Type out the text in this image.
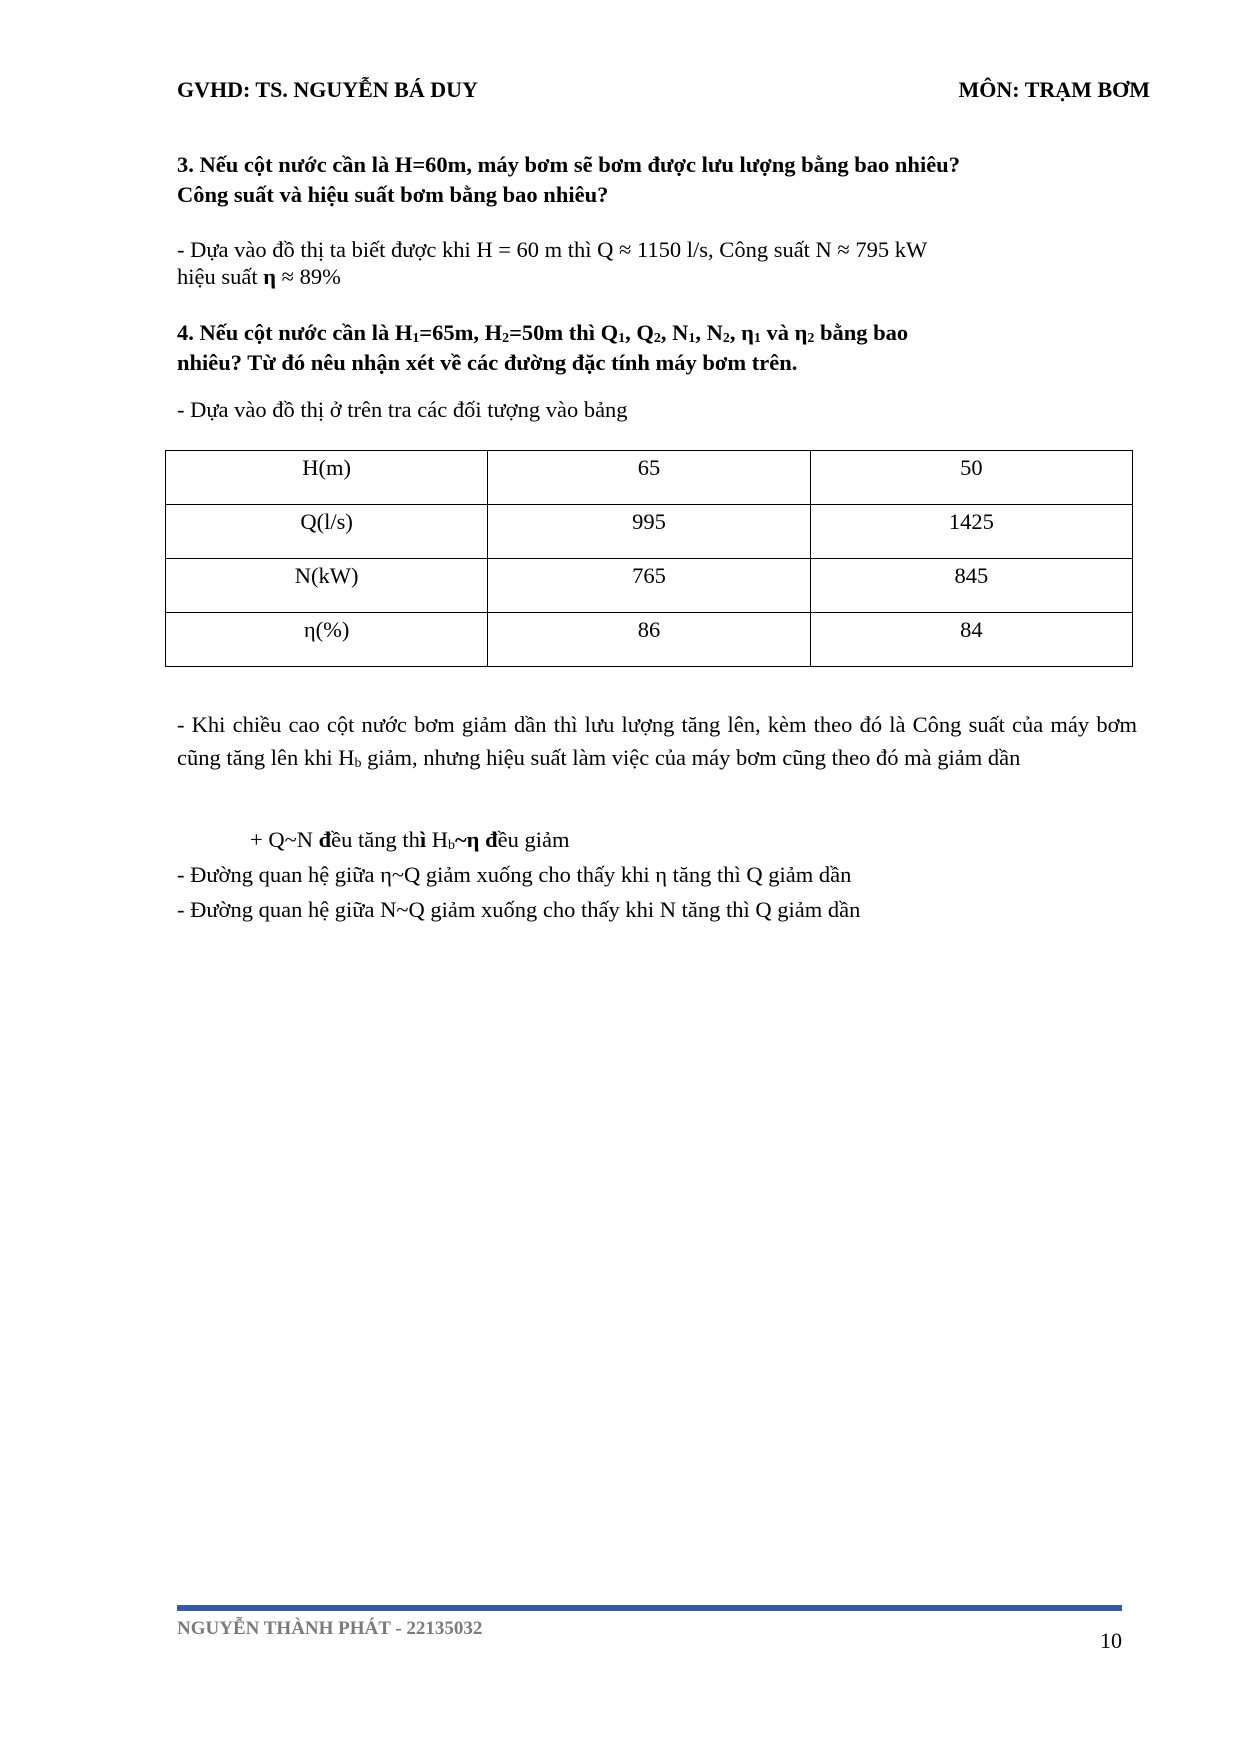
GVHD: TS. NGUYỄN BÁ DUY	MÔN: TRẠM BƠM
3. Nếu cột nước cần là H=60m, máy bơm sẽ bơm được lưu lượng bằng bao nhiêu?
Công suất và hiệu suất bơm bằng bao nhiêu?
- Dựa vào đồ thị ta biết được khi H = 60 m thì Q ≈ 1150 l/s, Công suất N ≈ 795 kW
hiệu suất η ≈ 89%
4. Nếu cột nước cần là $H_1=65m$, $H_2=50m$ thì $Q_1$, $Q_2$, $N_1$, $N_2$, $\eta_1$ và $\eta_2$ bằng bao
nhiêu? Từ đó nêu nhận xét về các đường đặc tính máy bơm trên.
- Dựa vào đồ thị ở trên tra các đối tượng vào bảng
H(m)	65	50
Q(l/s)	995	1425
N(kW)	765	845
η(%)	86	84
- Khi chiều cao cột nước bơm giảm dần thì lưu lượng tăng lên, kèm theo đó là Công suất của máy bơm cũng tăng lên khi $H_b$ giảm, nhưng hiệu suất làm việc của máy bơm cũng theo đó mà giảm dần
+ Q~N đều tăng thì $H_b\sim\eta$ đều giảm
- Đường quan hệ giữa η~Q giảm xuống cho thấy khi η tăng thì Q giảm dần
- Đường quan hệ giữa N~Q giảm xuống cho thấy khi N tăng thì Q giảm dần
NGUYỄN THÀNH PHÁT - 22135032	10
